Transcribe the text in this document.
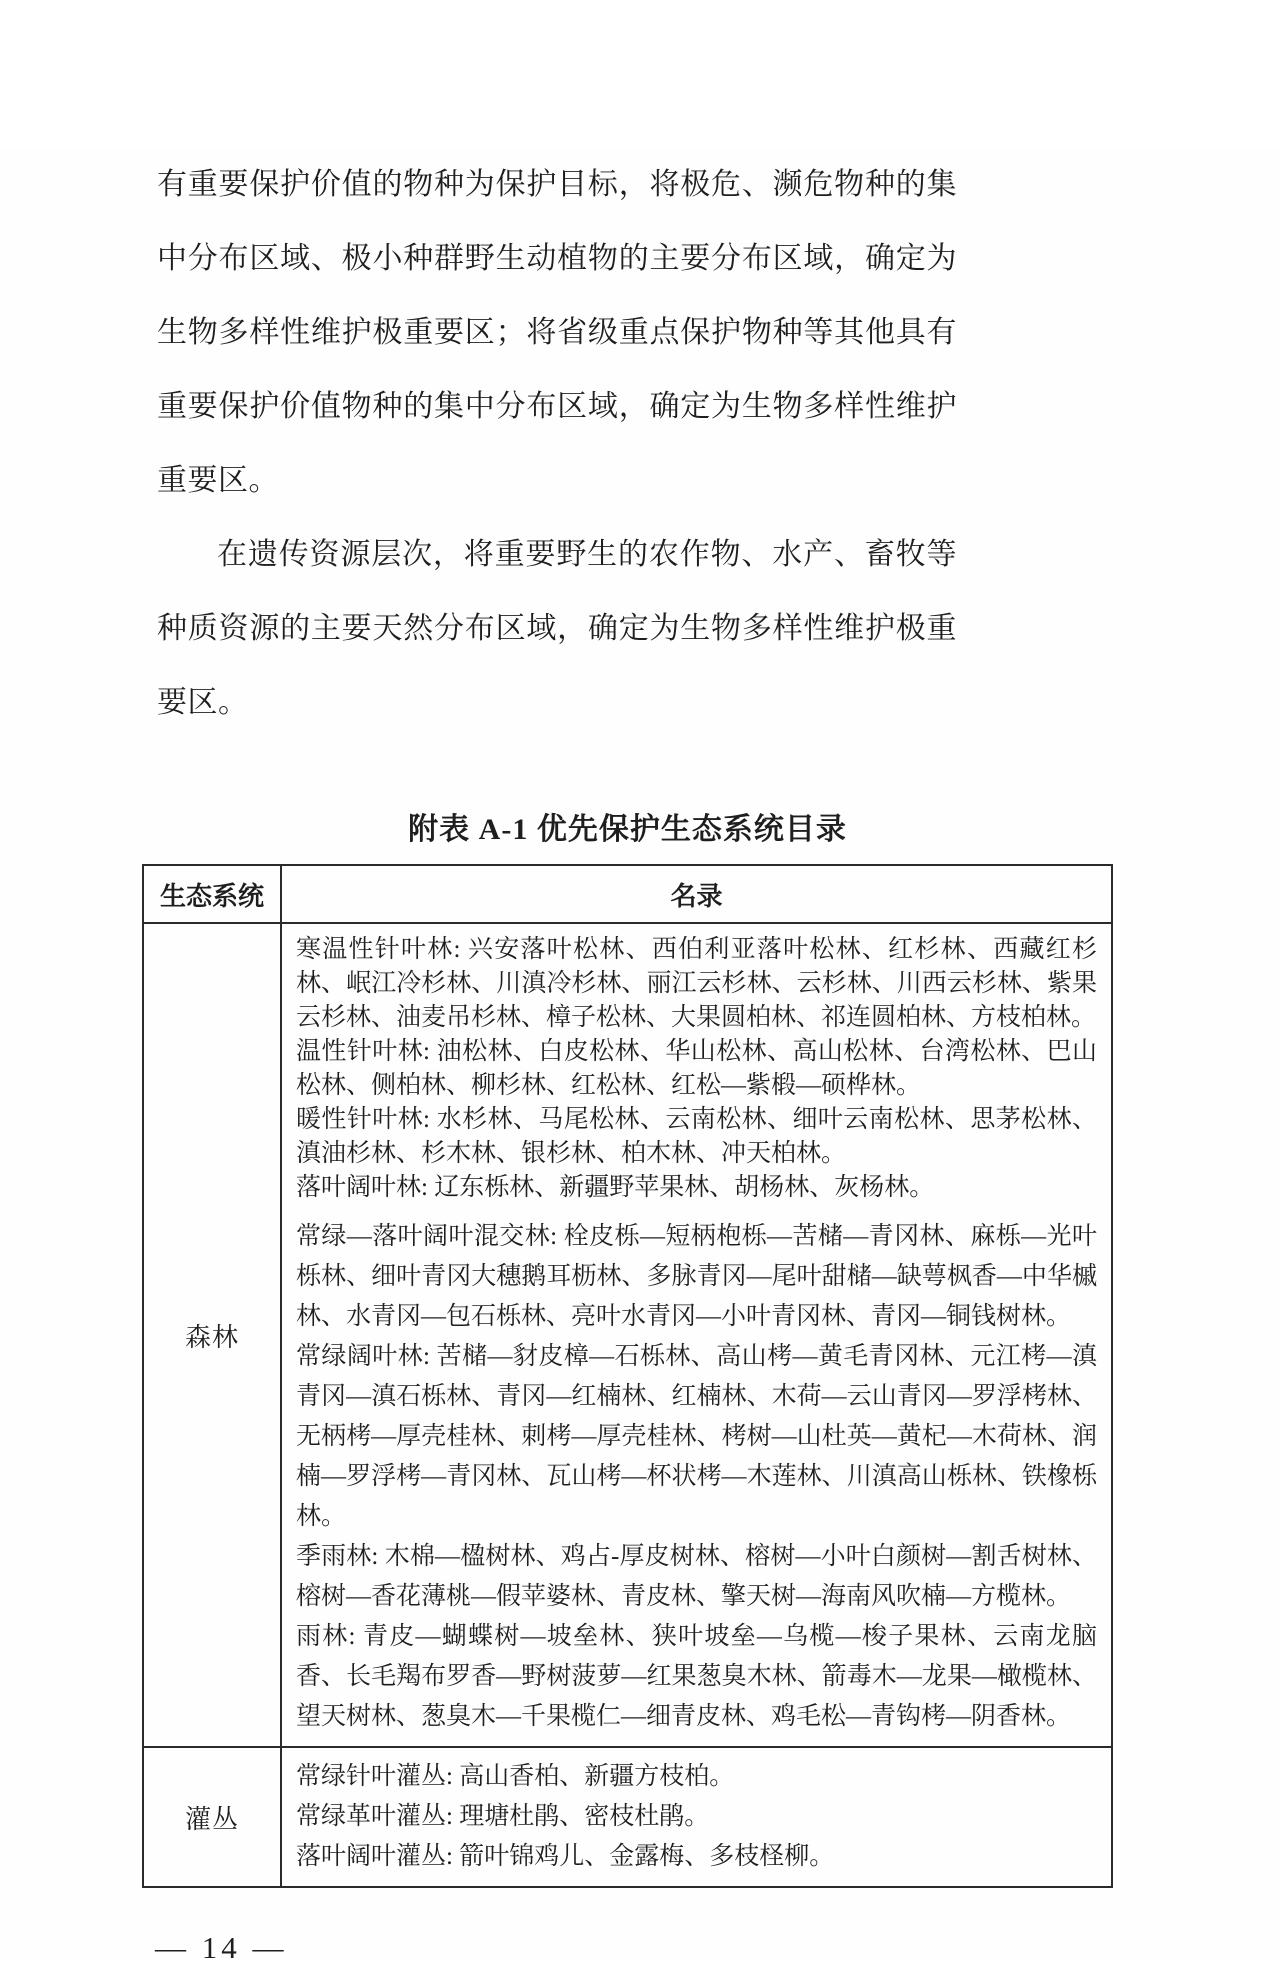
有重要保护价值的物种为保护目标，将极危、濒危物种的集中分布区域、极小种群野生动植物的主要分布区域，确定为生物多样性维护极重要区；将省级重点保护物种等其他具有重要保护价值物种的集中分布区域，确定为生物多样性维护重要区。

在遗传资源层次，将重要野生的农作物、水产、畜牧等种质资源的主要天然分布区域，确定为生物多样性维护极重要区。

附表 A-1 优先保护生态系统目录
生态系统	名录
森林

寒温性针叶林: 兴安落叶松林、西伯利亚落叶松林、红杉林、西藏红杉林、岷江冷杉林、川滇冷杉林、丽江云杉林、云杉林、川西云杉林、紫果云杉林、油麦吊杉林、樟子松林、大果圆柏林、祁连圆柏林、方枝柏林。

温性针叶林: 油松林、白皮松林、华山松林、高山松林、台湾松林、巴山松林、侧柏林、柳杉林、红松林、红松—紫椴—硕桦林。

暖性针叶林: 水杉林、马尾松林、云南松林、细叶云南松林、思茅松林、滇油杉林、杉木林、银杉林、柏木林、冲天柏林。

落叶阔叶林: 辽东栎林、新疆野苹果林、胡杨林、灰杨林。

常绿—落叶阔叶混交林: 栓皮栎—短柄枹栎—苦槠—青冈林、麻栎—光叶栎林、细叶青冈大穗鹅耳枥林、多脉青冈—尾叶甜槠—缺萼枫香—中华槭林、水青冈—包石栎林、亮叶水青冈—小叶青冈林、青冈—铜钱树林。

常绿阔叶林: 苦槠—豺皮樟—石栎林、高山栲—黄毛青冈林、元江栲—滇青冈—滇石栎林、青冈—红楠林、红楠林、木荷—云山青冈—罗浮栲林、无柄栲—厚壳桂林、刺栲—厚壳桂林、栲树—山杜英—黄杞—木荷林、润楠—罗浮栲—青冈林、瓦山栲—杯状栲—木莲林、川滇高山栎林、铁橡栎林。

季雨林: 木棉—楹树林、鸡占-厚皮树林、榕树—小叶白颜树—割舌树林、榕树—香花薄桃—假苹婆林、青皮林、擎天树—海南风吹楠—方榄林。

雨林: 青皮—蝴蝶树—坡垒林、狭叶坡垒—乌榄—梭子果林、云南龙脑香、长毛羯布罗香—野树菠萝—红果葱臭木林、箭毒木—龙果—橄榄林、望天树林、葱臭木—千果榄仁—细青皮林、鸡毛松—青钩栲—阴香林。

灌丛

常绿针叶灌丛: 高山香柏、新疆方枝柏。

常绿革叶灌丛: 理塘杜鹃、密枝杜鹃。

落叶阔叶灌丛: 箭叶锦鸡儿、金露梅、多枝柽柳。

— 14 —
